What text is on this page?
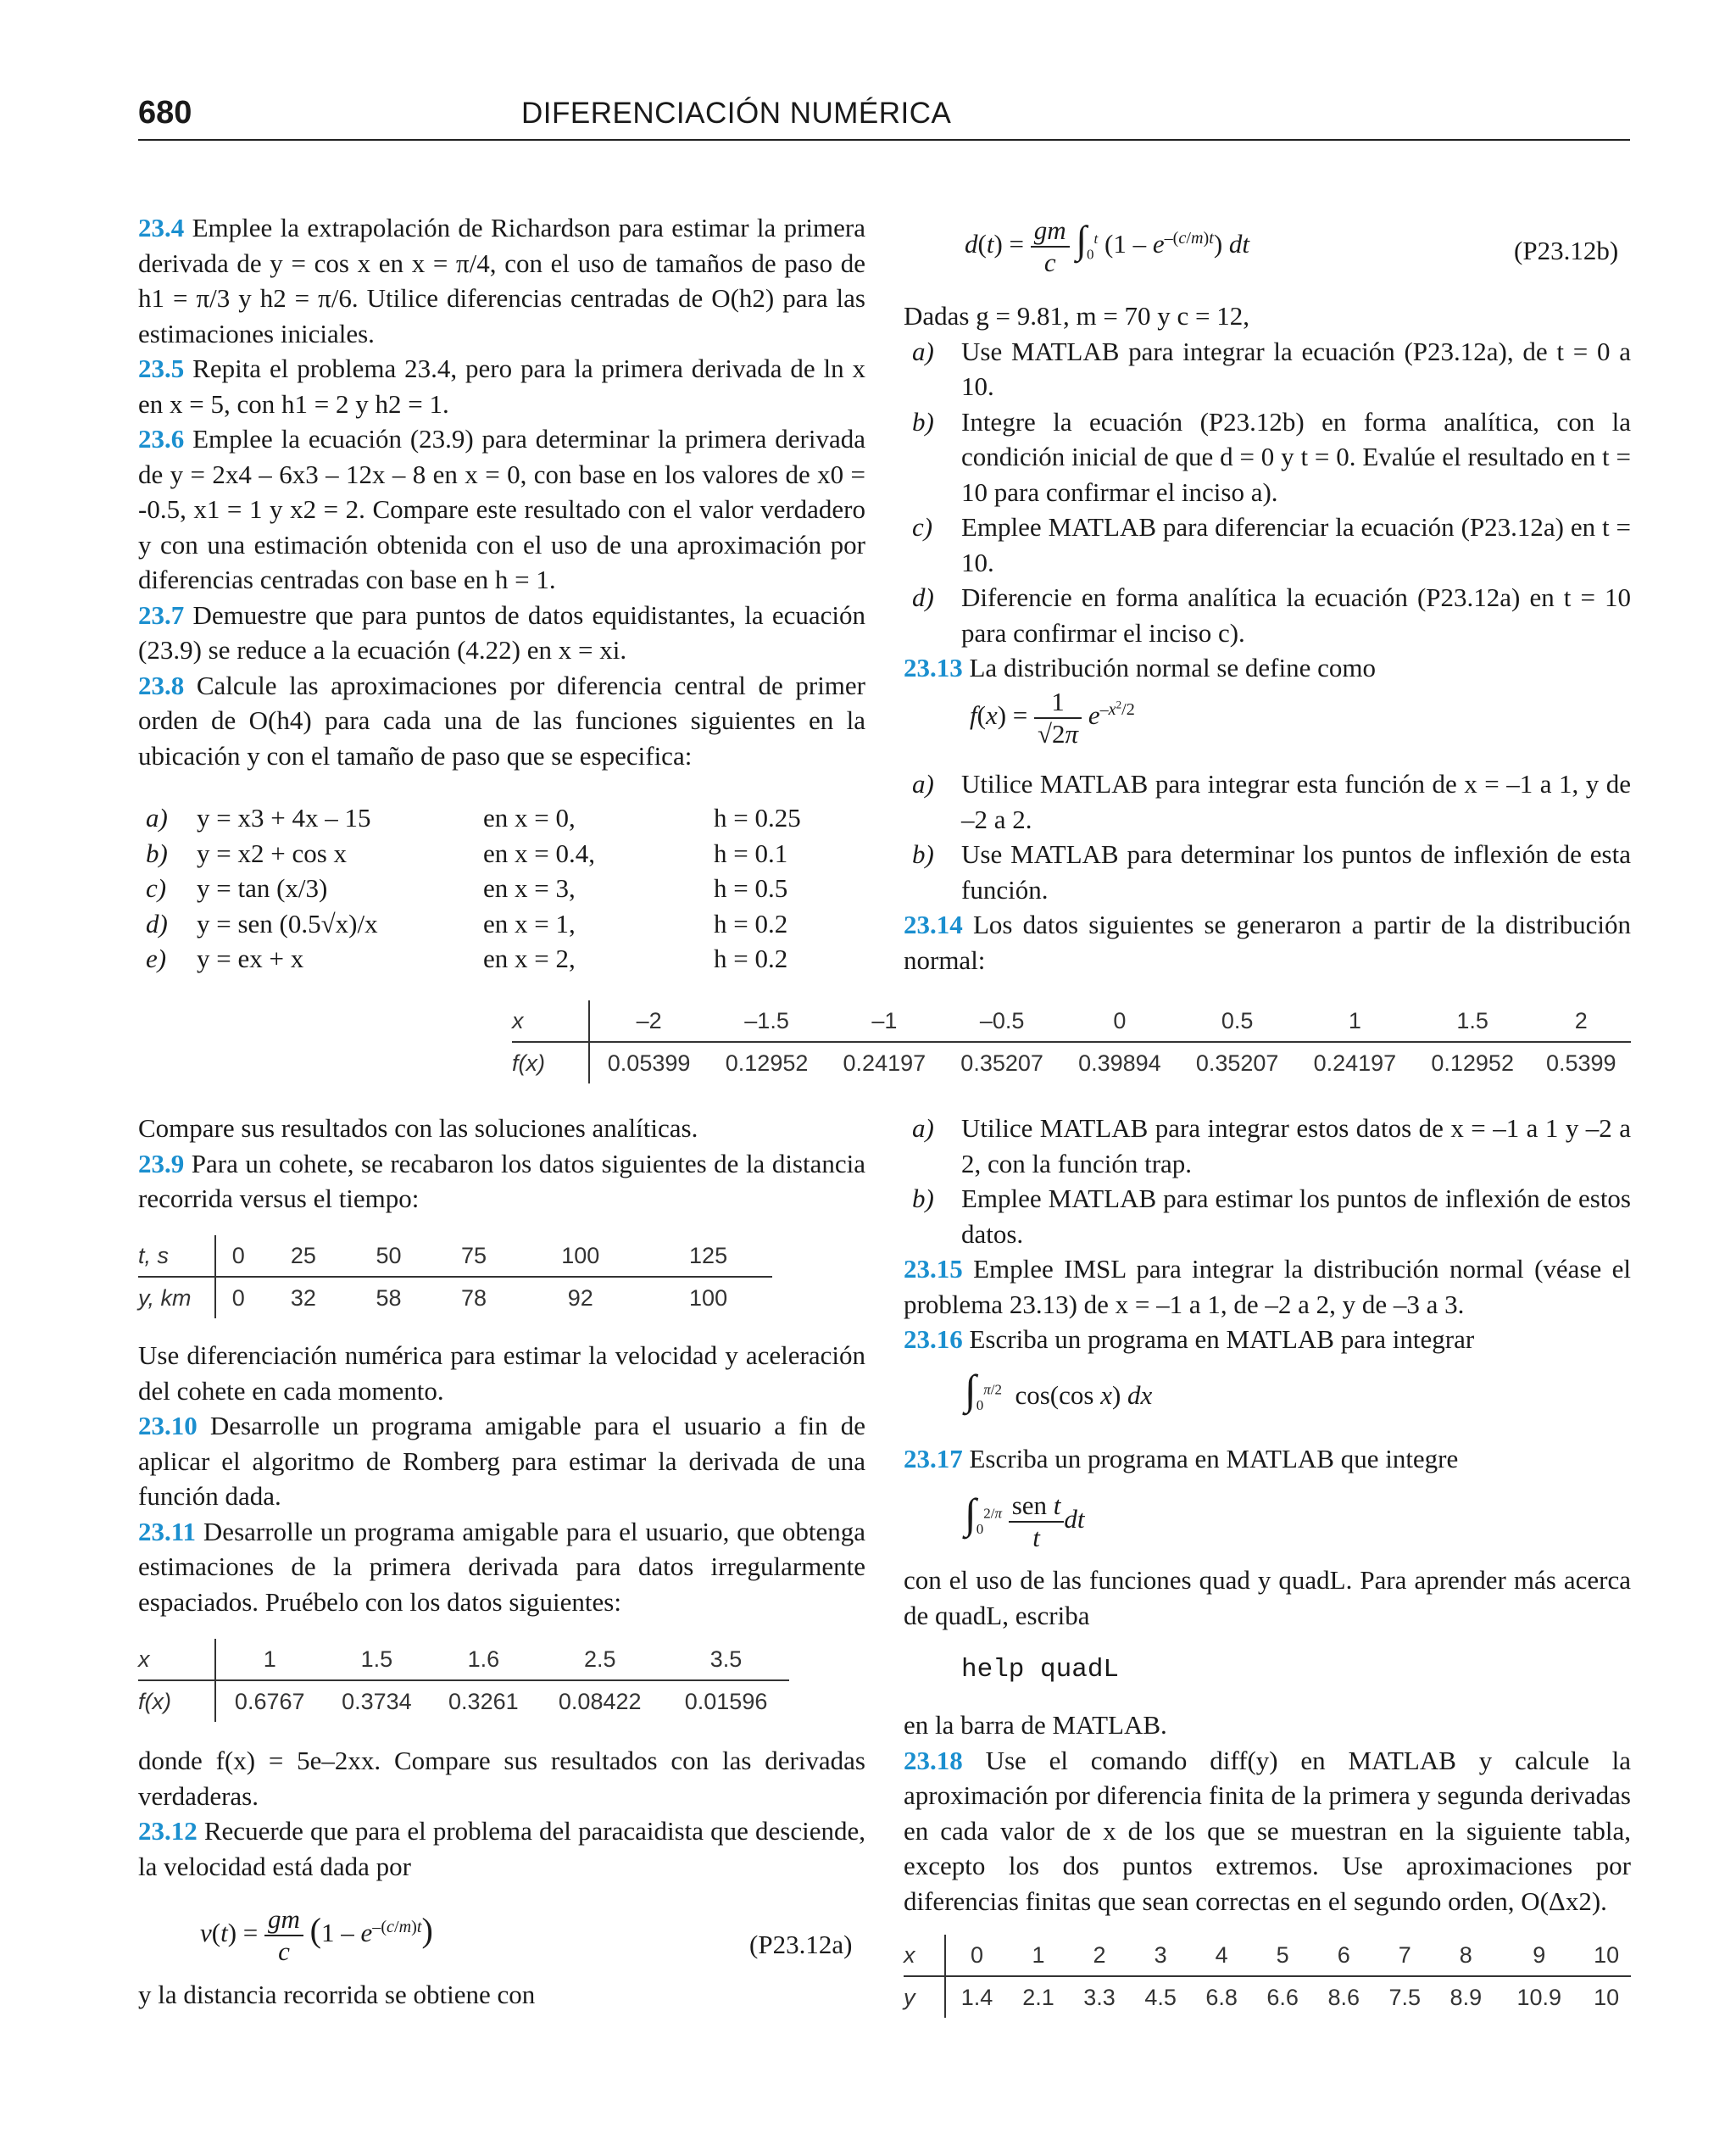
680	DIFERENCIACIÓN NUMÉRICA

23.4 Emplee la extrapolación de Richardson para estimar la primera derivada de y = cos x en x = π/4, con el uso de tamaños de paso de h1 = π/3 y h2 = π/6. Utilice diferencias centradas de O(h2) para las estimaciones iniciales.

23.5 Repita el problema 23.4, pero para la primera derivada de ln x en x = 5, con h1 = 2 y h2 = 1.

23.6 Emplee la ecuación (23.9) para determinar la primera derivada de y = 2x4 – 6x3 – 12x – 8 en x = 0, con base en los valores de x0 = -0.5, x1 = 1 y x2 = 2. Compare este resultado con el valor verdadero y con una estimación obtenida con el uso de una aproximación por diferencias centradas con base en h = 1.

23.7 Demuestre que para puntos de datos equidistantes, la ecuación (23.9) se reduce a la ecuación (4.22) en x = xi.

23.8 Calcule las aproximaciones por diferencia central de primer orden de O(h4) para cada una de las funciones siguientes en la ubicación y con el tamaño de paso que se especifica:

a) y = x3 + 4x – 15	en x = 0,	h = 0.25
b) y = x2 + cos x	en x = 0.4,	h = 0.1
c) y = tan (x/3)	en x = 3,	h = 0.5
d) y = sen (0.5√x)/x	en x = 1,	h = 0.2
e) y = ex + x	en x = 2,	h = 0.2
x	–2	–1.5	–1	–0.5	0	0.5	1	1.5	2
f(x)	0.05399	0.12952	0.24197	0.35207	0.39894	0.35207	0.24197	0.12952	0.5399

Compare sus resultados con las soluciones analíticas.

23.9 Para un cohete, se recabaron los datos siguientes de la distancia recorrida versus el tiempo:

t, s	0	25	50	75	100	125
y, km	0	32	58	78	92	100

Use diferenciación numérica para estimar la velocidad y aceleración del cohete en cada momento.

23.10 Desarrolle un programa amigable para el usuario a fin de aplicar el algoritmo de Romberg para estimar la derivada de una función dada.

23.11 Desarrolle un programa amigable para el usuario, que obtenga estimaciones de la primera derivada para datos irregularmente espaciados. Pruébelo con los datos siguientes:

x	1	1.5	1.6	2.5	3.5
f(x)	0.6767	0.3734	0.3261	0.08422	0.01596

donde f(x) = 5e–2xx. Compare sus resultados con las derivadas verdaderas.

23.12 Recuerde que para el problema del paracaidista que desciende, la velocidad está dada por

$v(t) = \frac{gm}{c} (1 - e^{-(c/m)t})$	(P23.12a)

y la distancia recorrida se obtiene con

$d(t) = \frac{gm}{c} \int_0^t$ $(1 - e^{-(c/m)t})$ dt	(P23.12b)

Dadas g = 9.81, m = 70 y c = 12,

a) Use MATLAB para integrar la ecuación (P23.12a), de t = 0 a 10.
b) Integre la ecuación (P23.12b) en forma analítica, con la condición inicial de que d = 0 y t = 0. Evalúe el resultado en t = 10 para confirmar el inciso a).
c) Emplee MATLAB para diferenciar la ecuación (P23.12a) en t = 10.
d) Diferencie en forma analítica la ecuación (P23.12a) en t = 10 para confirmar el inciso c).

23.13 La distribución normal se define como

$f(x) = \frac{1}{√2\pi} e^{-x^2/2}$
a) Utilice MATLAB para integrar esta función de x = –1 a 1, y de –2 a 2.
b) Use MATLAB para determinar los puntos de inflexión de esta función.

23.14 Los datos siguientes se generaron a partir de la distribución normal:

a) Utilice MATLAB para integrar estos datos de x = –1 a 1 y –2 a 2, con la función trap.
b) Emplee MATLAB para estimar los puntos de inflexión de estos datos.

23.15 Emplee IMSL para integrar la distribución normal (véase el problema 23.13) de x = –1 a 1, de –2 a 2, y de –3 a 3.

23.16 Escriba un programa en MATLAB para integrar

$\int_0^{\pi/2}$  cos(cos x) dx

23.17 Escriba un programa en MATLAB que integre

$\int_0^{2/\pi} \frac{\text{sen t}}{t}$ dt

con el uso de las funciones quad y quadL. Para aprender más acerca de quadL, escriba

help quadL

en la barra de MATLAB.

23.18 Use el comando diff(y) en MATLAB y calcule la aproximación por diferencia finita de la primera y segunda derivadas en cada valor de x de los que se muestran en la siguiente tabla, excepto los dos puntos extremos. Use aproximaciones por diferencias finitas que sean correctas en el segundo orden, O(Δx2).

x	0	1	2	3	4	5	6	7	8	9	10
y	1.4	2.1	3.3	4.5	6.8	6.6	8.6	7.5	8.9	10.9	10
